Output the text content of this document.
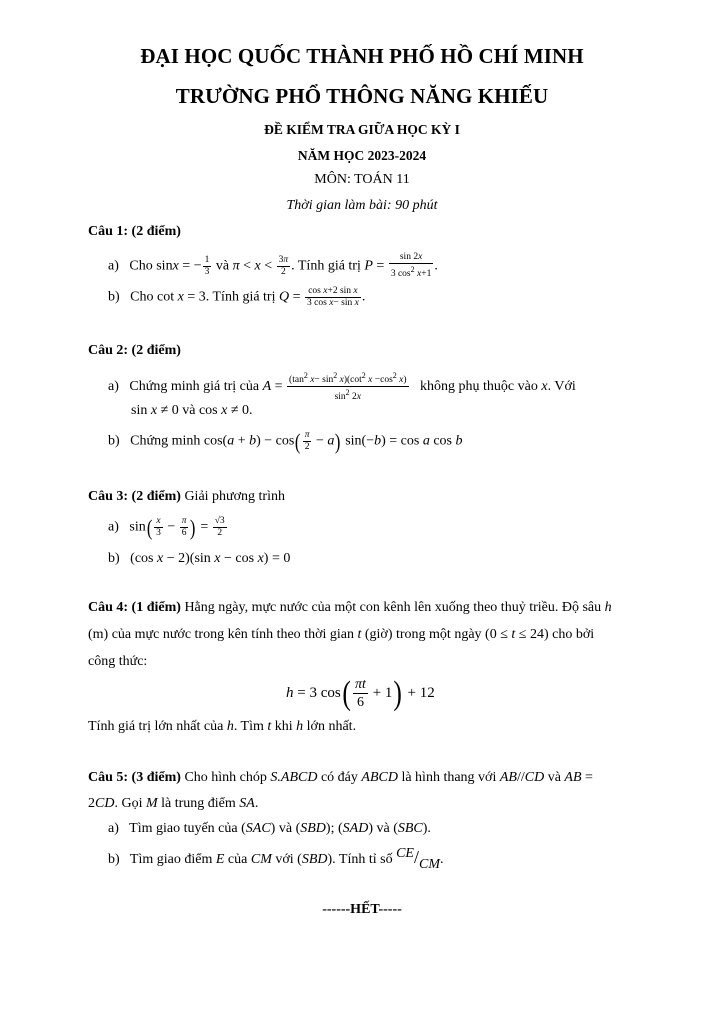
ĐẠI HỌC QUỐC THÀNH PHỐ HỒ CHÍ MINH
TRƯỜNG PHỔ THÔNG NĂNG KHIẾU
ĐỀ KIỂM TRA GIỮA HỌC KỲ I
NĂM HỌC 2023-2024
MÔN: TOÁN 11
Thời gian làm bài: 90 phút
Câu 1: (2 điểm)
a) Cho sinx = − $\frac{1}{3}$ và $\pi < x < \frac{3\pi}{2}$ . Tính giá trị $P = \frac{\sin 2x}{3 \cos^2 x+1}$ .
b) Cho cot x = 3. Tính giá trị $Q = \frac{\text{cos x+2 sin x}}{\text{3 cos x− sin x}}$ .
Câu 2: (2 điểm)
a) Chứng minh giá trị của $A = \frac{(\tan^2 x- \sin^2 x)(\cot^2 x -\cos^2 x)}{\sin^2 2x}$ không phụ thuộc vào x. Với
sin x ≠ 0 và cos x ≠ 0.
b) Chứng minh $\cos(a + b) - \cos( \frac{\pi}{2} - a)$ sin(−b) = cos a cos b
Câu 3: (2 điểm) Giải phương trình
a)   $\sin( \frac{x}{3} - \frac{\pi}{6}$ ) = $\frac{√3}{2}$
b)   (cos x − 2)(sin x − cos x) = 0
Câu 4: (1 điểm) Hằng ngày, mực nước của một con kênh lên xuống theo thuỷ triều. Độ sâu h
(m) của mực nước trong kên tính theo thời gian t (giờ) trong một ngày (0 ≤ t ≤ 24) cho bởi
công thức:
h = 3 $\cos( \frac{\pi t}{6} + 1) + 12$
Tính giá trị lớn nhất của h. Tìm t khi h lớn nhất.
Câu 5: (3 điểm) Cho hình chóp S.ABCD có đáy ABCD là hình thang với AB//CD và AB =
2CD. Gọi M là trung điểm SA.
a) Tìm giao tuyến của (SAC) và (SBD); (SAD) và (SBC).
b) Tìm giao điểm E của CM với (SBD). Tính tỉ số CE/CM.
------HẾT-----
